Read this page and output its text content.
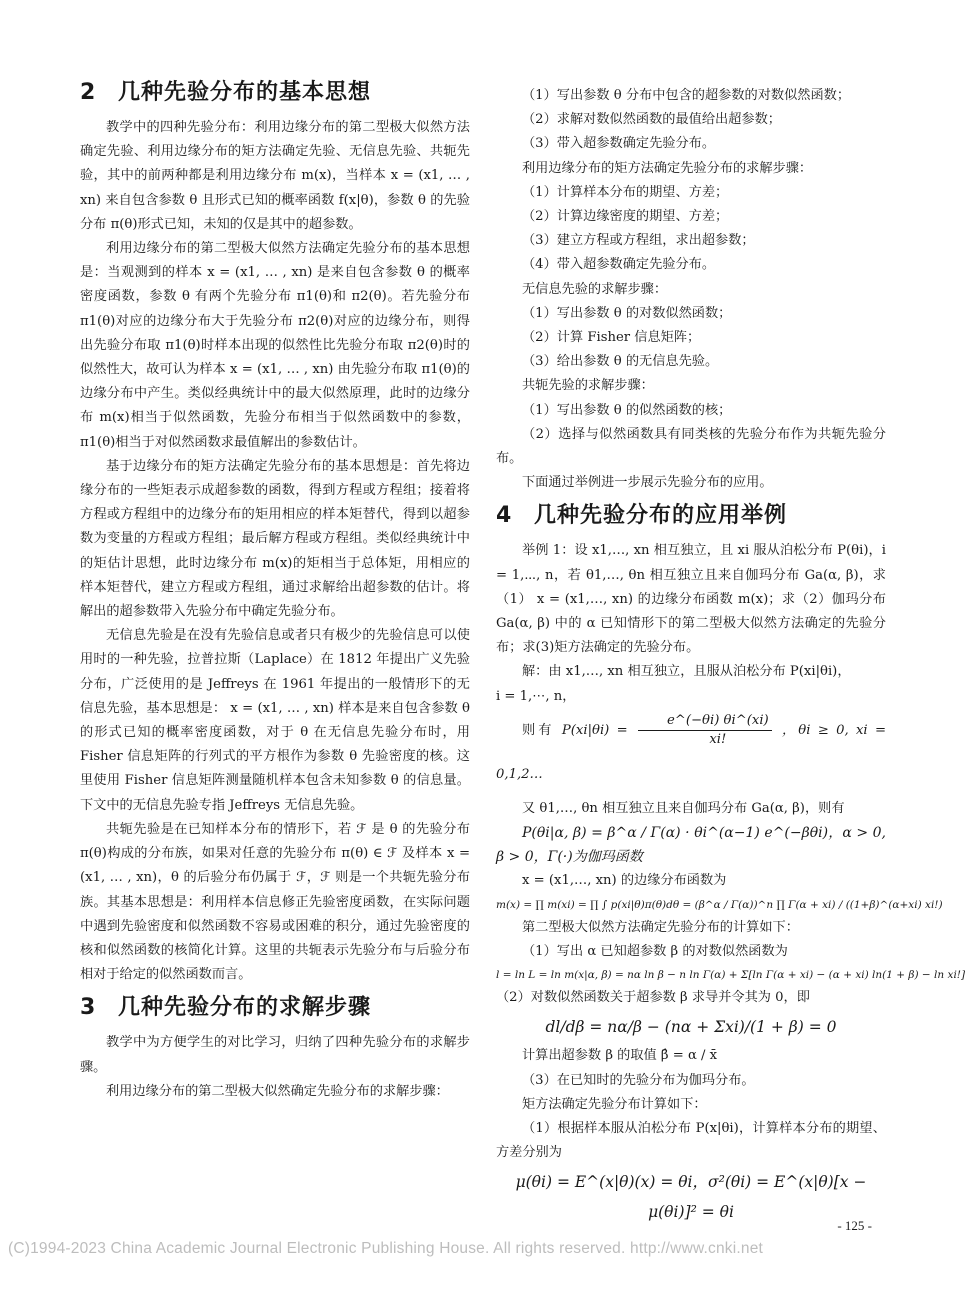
2 几种先验分布的基本思想

教学中的四种先验分布：利用边缘分布的第二型极大似然方法确定先验、利用边缘分布的矩方法确定先验、无信息先验、共轭先验，其中的前两种都是利用边缘分布 m(x)，当样本 x = (x1, … , xn) 来自包含参数 θ 且形式已知的概率函数 f(x|θ)，参数 θ 的先验分布 π(θ)形式已知，未知的仅是其中的超参数。

利用边缘分布的第二型极大似然方法确定先验分布的基本思想是：当观测到的样本 x = (x1, … , xn) 是来自包含参数 θ 的概率密度函数，参数 θ 有两个先验分布 π1(θ)和 π2(θ)。若先验分布 π1(θ)对应的边缘分布大于先验分布 π2(θ)对应的边缘分布，则得出先验分布取 π1(θ)时样本出现的似然性比先验分布取 π2(θ)时的似然性大，故可认为样本 x = (x1, … , xn) 由先验分布取 π1(θ)的边缘分布中产生。类似经典统计中的最大似然原理，此时的边缘分布 m(x)相当于似然函数，先验分布相当于似然函数中的参数，π1(θ)相当于对似然函数求最值解出的参数估计。

基于边缘分布的矩方法确定先验分布的基本思想是：首先将边缘分布的一些矩表示成超参数的函数，得到方程或方程组；接着将方程或方程组中的边缘分布的矩用相应的样本矩替代，得到以超参数为变量的方程或方程组；最后解方程或方程组。类似经典统计中的矩估计思想，此时边缘分布 m(x)的矩相当于总体矩，用相应的样本矩替代，建立方程或方程组，通过求解给出超参数的估计。将解出的超参数带入先验分布中确定先验分布。

无信息先验是在没有先验信息或者只有极少的先验信息可以使用时的一种先验，拉普拉斯（Laplace）在 1812 年提出广义先验分布，广泛使用的是 Jeffreys 在 1961 年提出的一般情形下的无信息先验，基本思想是： x = (x1, … , xn) 样本是来自包含参数 θ 的形式已知的概率密度函数，对于 θ 在无信息先验分布时，用 Fisher 信息矩阵的行列式的平方根作为参数 θ 先验密度的核。这里使用 Fisher 信息矩阵测量随机样本包含未知参数 θ 的信息量。下文中的无信息先验专指 Jeffreys 无信息先验。

共轭先验是在已知样本分布的情形下，若 ℱ 是 θ 的先验分布 π(θ)构成的分布族，如果对任意的先验分布 π(θ) ∈ ℱ 及样本 x = (x1, … , xn)，θ 的后验分布仍属于 ℱ，ℱ 则是一个共轭先验分布族。其基本思想是：利用样本信息修正先验密度函数，在实际问题中遇到先验密度和似然函数不容易或困难的积分，通过先验密度的核和似然函数的核简化计算。这里的共轭表示先验分布与后验分布相对于给定的似然函数而言。

3 几种先验分布的求解步骤

教学中为方便学生的对比学习，归纳了四种先验分布的求解步骤。

利用边缘分布的第二型极大似然确定先验分布的求解步骤：

（1）写出参数 θ 分布中包含的超参数的对数似然函数；

（2）求解对数似然函数的最值给出超参数；

（3）带入超参数确定先验分布。

利用边缘分布的矩方法确定先验分布的求解步骤：

（1）计算样本分布的期望、方差；

（2）计算边缘密度的期望、方差；

（3）建立方程或方程组，求出超参数；

（4）带入超参数确定先验分布。

无信息先验的求解步骤：

（1）写出参数 θ 的对数似然函数；

（2）计算 Fisher 信息矩阵；

（3）给出参数 θ 的无信息先验。

共轭先验的求解步骤：

（1）写出参数 θ 的似然函数的核；

（2）选择与似然函数具有同类核的先验分布作为共轭先验分布。

下面通过举例进一步展示先验分布的应用。

4 几种先验分布的应用举例

举例 1：设 x1,…, xn 相互独立，且 xi 服从泊松分布 P(θi)，i = 1,⋯, n，若 θ1,…, θn 相互独立且来自伽玛分布 Ga(α, β)，求（1） x = (x1,…, xn) 的边缘分布函数 m(x)；求（2）伽玛分布 Ga(α, β) 中的 α 已知情形下的第二型极大似然方法确定的先验分布；求(3)矩方法确定的先验分布。

解：由 x1,…, xn 相互独立，且服从泊松分布 P(xi|θi)，

i = 1,⋯, n，

则有 $P(xi|\theta i) = \frac{e\^{}(-\theta i) \theta i\^{}(xi)}{xi!}$ ，θi ≥ 0, xi = 0,1,2…

又 θ1,…, θn 相互独立且来自伽玛分布 Ga(α, β)，则有

P(θi|α, β) = β^α / Γ(α) · θi^(α−1) e^(−βθi)，α > 0, β > 0，Γ(·)为伽玛函数

x = (x1,…, xn) 的边缘分布函数为

m(x) = ∏ m(xi) = ∏ ∫ p(xi|θ)π(θ)dθ = (β^α / Γ(α))^n ∏ Γ(α + xi) / ((1+β)^(α+xi) xi!)

第二型极大似然方法确定先验分布的计算如下：

（1）写出 α 已知超参数 β 的对数似然函数为

l = ln L = ln m(x|α, β) = nα ln β − n ln Γ(α) + Σ[ln Γ(α + xi) − (α + xi) ln(1 + β) − ln xi!]

（2）对数似然函数关于超参数 β 求导并令其为 0，即

dl/dβ = nα/β − (nα + Σxi)/(1 + β) = 0

计算出超参数 β 的取值 β̂ = α / x̄

（3）在已知时的先验分布为伽玛分布。

矩方法确定先验分布计算如下：

（1）根据样本服从泊松分布 P(x|θi)，计算样本分布的期望、方差分别为

μ(θi) = E^(x|θ)(x) = θi，σ²(θi) = E^(x|θ)[x − μ(θi)]² = θi

- 125 -
(C)1994-2023 China Academic Journal Electronic Publishing House. All rights reserved. http://www.cnki.net
